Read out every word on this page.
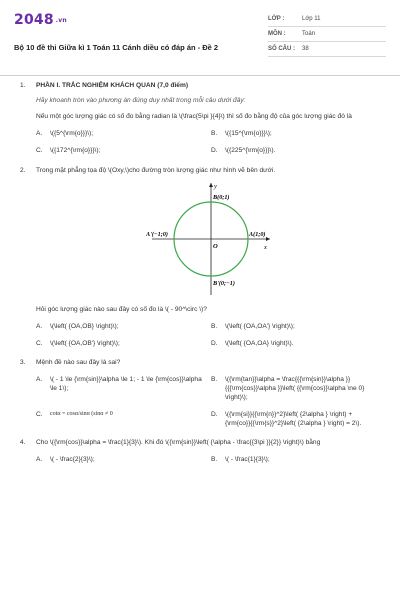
2048 .vn
Bộ 10 đề thi Giữa kì 1 Toán 11 Cánh diều có đáp án - Đề 2
LỚP :	Lớp 11
MÔN :	Toán
SỐ CÂU :	38
1. PHẦN I. TRẮC NGHIỆM KHÁCH QUAN (7,0 điểm)

Hãy khoanh tròn vào phương án đúng duy nhất trong mỗi câu dưới đây:

Nếu một góc lượng giác có số đo bằng radian là \(\frac{5\pi }{4}\) thì số đo bằng độ của góc lượng giác đó là

A.	\({5^{\rm{o}}}\);	B.	\({15^{\rm{o}}}\);
C.	\({172^{\rm{o}}}\);	D.	\({225^{\rm{o}}}\).
2. Trong mặt phẳng tọa độ \(Oxy,\)cho đường tròn lượng giác như hình vẽ bên dưới.

y
x
O
B(0;1)
B'(0;−1)
A'(−1;0)	A(1;0)

Hỏi góc lượng giác nào sau đây có số đo là \( - 90^\circ \)?

A.	\(\left( {OA,OB} \right)\);	B.	\(\left( {OA,OA'} \right)\);
C.	\(\left( {OA,OB'} \right)\);	D.	\(\left( {OA,OA} \right)\).
3. Mệnh đề nào sau đây là sai?

A.	\( - 1 \le {\rm{sin}}\alpha \le 1; - 1 \le {\rm{cos}}\alpha \le 1\);
B.	\({\rm{tan}}\alpha = \frac{{{\rm{sin}}\alpha }}{{{\rm{cos}}\alpha }}\left( {{\rm{cos}}\alpha \ne 0} \right)\);
C.	cotα = cosα/sinα (sinα ≠ 0	D.	\({\rm{si}}{{\rm{n}}^2}\left( {2\alpha } \right) + {\rm{co}}{{\rm{s}}^2}\left( {2\alpha } \right) = 2\).
4. Cho \({\rm{cos}}\alpha = \frac{1}{3}\). Khi đó \({\rm{sin}}\left( {\alpha - \frac{{3\pi }}{2}} \right)\) bằng

A.	\( - \frac{2}{3}\);	B.	\( - \frac{1}{3}\);
